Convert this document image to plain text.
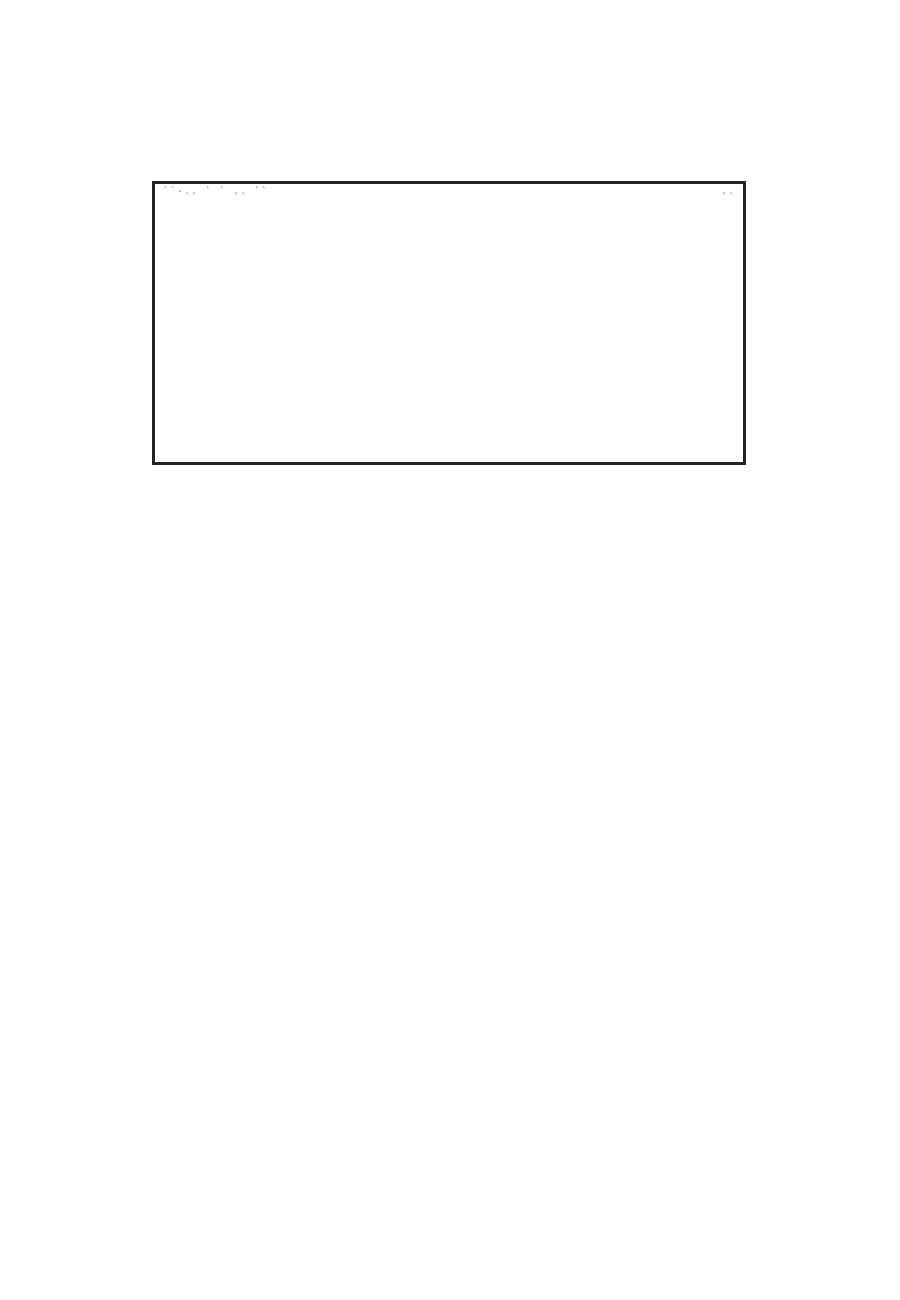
``-.. ` ` .. ``	..
